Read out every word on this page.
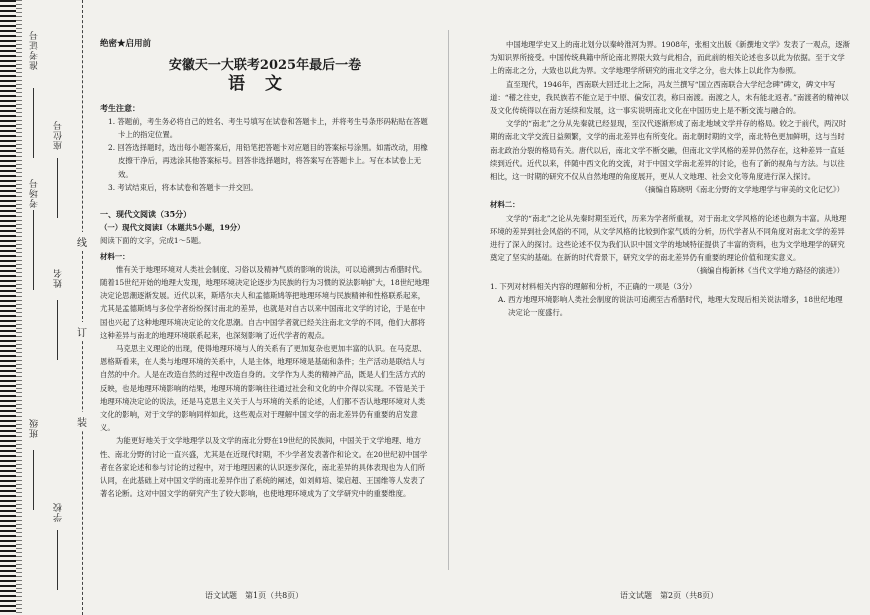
准考证号
座位号
考场号
姓名
班级
学校
线
订
装
绝密★启用前
安徽天一大联考2025年最后一卷
语文
考生注意：
1. 答题前，考生务必将自己的姓名、考生号填写在试卷和答题卡上，并将考生号条形码粘贴在答题卡上的指定位置。
2. 回答选择题时，选出每小题答案后，用铅笔把答题卡对应题目的答案标号涂黑。如需改动，用橡皮擦干净后，再选涂其他答案标号。回答非选择题时，将答案写在答题卡上。写在本试卷上无效。
3. 考试结束后，将本试卷和答题卡一并交回。
一、现代文阅读（35分）
（一）现代文阅读Ⅰ（本题共5小题，19分）
阅读下面的文字，完成1～5题。
材料一：

惟有关于地理环境对人类社会制度、习俗以及精神气质的影响的说法，可以追溯到古希腊时代。随着15世纪开始的地理大发现，地理环境决定论逐步为民族的行为习惯的说法影响扩大，18世纪地理决定论思潮逐渐发展。近代以来，斯塔尔夫人和孟德斯鸠等把地理环境与民族精神和性格联系起来，尤其是孟德斯鸠与多位学者纷纷探讨南北的差异，也就是对自古以来中国南北文学的讨论，于是在中国也兴起了这种地理环境决定论的文化思潮。自古中国学者就已经关注南北文学的不同，他们大都将这种差异与南北的地理环境联系起来，也深刻影响了近代学者的观点。

马克思主义理论的出现，使得地理环境与人的关系有了更加复杂也更加丰富的认识。在马克思、恩格斯看来，在人类与地理环境的关系中，人是主体，地理环境是基础和条件；生产活动是联结人与自然的中介。人是在改造自然的过程中改造自身的。文学作为人类的精神产品，既是人们生活方式的反映，也是地理环境影响的结果，地理环境的影响往往通过社会和文化的中介得以实现。不管是关于地理环境决定论的说法，还是马克思主义关于人与环境的关系的论述，人们都不否认地理环境对人类文化的影响，对于文学的影响同样如此，这些观点对于理解中国文学的南北差异仍有重要的启发意义。

为能更好地关于文学地理学以及文学的南北分野在19世纪的民族间，中国关于文学地理、地方性、南北分野的讨论一直兴盛，尤其是在近现代时期，不少学者发表著作和论文。在20世纪初中国学者在各家论述和参与讨论的过程中，对于地理因素的认识逐步深化，南北差异的具体表现也为人们所认同，在此基础上对中国文学的南北差异作出了系统的阐述，如刘师培、梁启超、王国维等人发表了著名论断。这对中国文学的研究产生了较大影响，也使地理环境成为了文学研究中的重要维度。

中国地理学史又上的南北划分以秦岭淮河为界。1908年，张相文出版《新撰地文学》发表了一观点，逐渐为知识界所接受。中国传统典籍中所论南北界限大致与此相合，而此前的相关论述也多以此为依据。至于文学上的南北之分，大致也以此为界。文学地理学所研究的南北文学之分，也大体上以此作为参照。

直至现代，1946年，西南联大回迁北上之际，冯友兰撰写“国立西南联合大学纪念碑”碑文，碑文中写道：“稽之往史，我民族若不能立足于中原、偏安江表，称曰南渡。南渡之人，未有能北返者。”南渡者的精神以及文化传统得以在南方延续和发展，这一事实说明南北文化在中国历史上是不断交流与融合的。

文学的“南北”之分从先秦就已经显现，至汉代逐渐形成了南北地域文学并存的格局。较之于前代，两汉时期的南北文学交流日益频繁，文学的南北差异也有所变化。南北朝时期的文学，南北特色更加鲜明，这与当时南北政治分裂的格局有关。唐代以后，南北文学不断交融，但南北文学风格的差异仍然存在，这种差异一直延续到近代。近代以来，伴随中西文化的交流，对于中国文学南北差异的讨论，也有了新的视角与方法。与以往相比，这一时期的研究不仅从自然地理的角度展开，更从人文地理、社会文化等角度进行深入探讨。

（摘编自陈晓明《南北分野的文学地理学与审美的文化记忆》）
材料二：

文学的“南北”之论从先秦时期至近代，历来为学者所重视，对于南北文学风格的论述也颇为丰富。从地理环境的差异到社会风俗的不同，从文学风格的比较到作家气质的分析，历代学者从不同角度对南北文学的差异进行了深入的探讨。这些论述不仅为我们认识中国文学的地域特征提供了丰富的资料，也为文学地理学的研究奠定了坚实的基础。在新的时代背景下，研究文学的南北差异仍有重要的理论价值和现实意义。

（摘编自梅新林《当代文学地方路径的演进》）
1. 下列对材料相关内容的理解和分析，不正确的一项是（3分）
A. 西方地理环境影响人类社会制度的说法可追溯至古希腊时代，地理大发现后相关说法增多，18世纪地理决定论一度盛行。
语文试题　第1页（共8页）	语文试题　第2页（共8页）
